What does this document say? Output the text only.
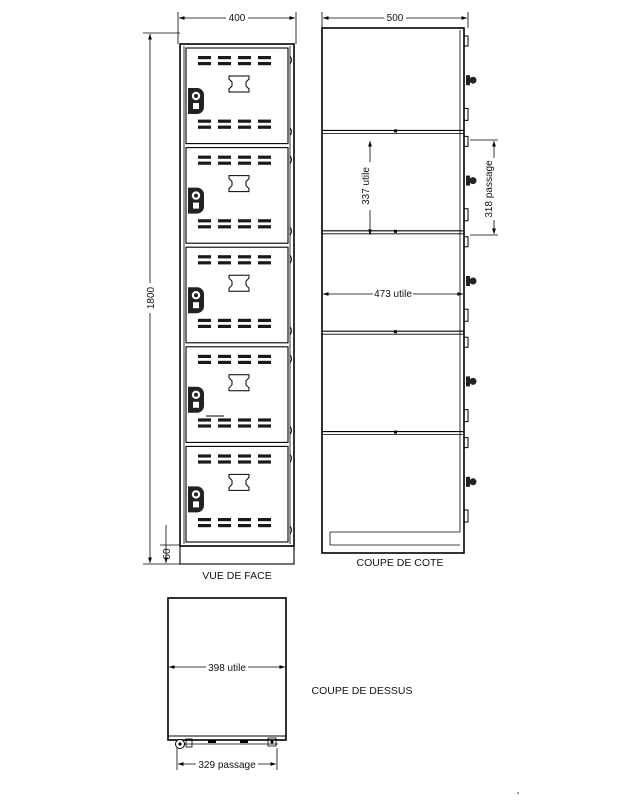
400
1800
60
VUE DE FACE
500
337 utile	318 passage
473 utile
COUPE DE COTE
398 utile
329 passage
COUPE DE DESSUS
